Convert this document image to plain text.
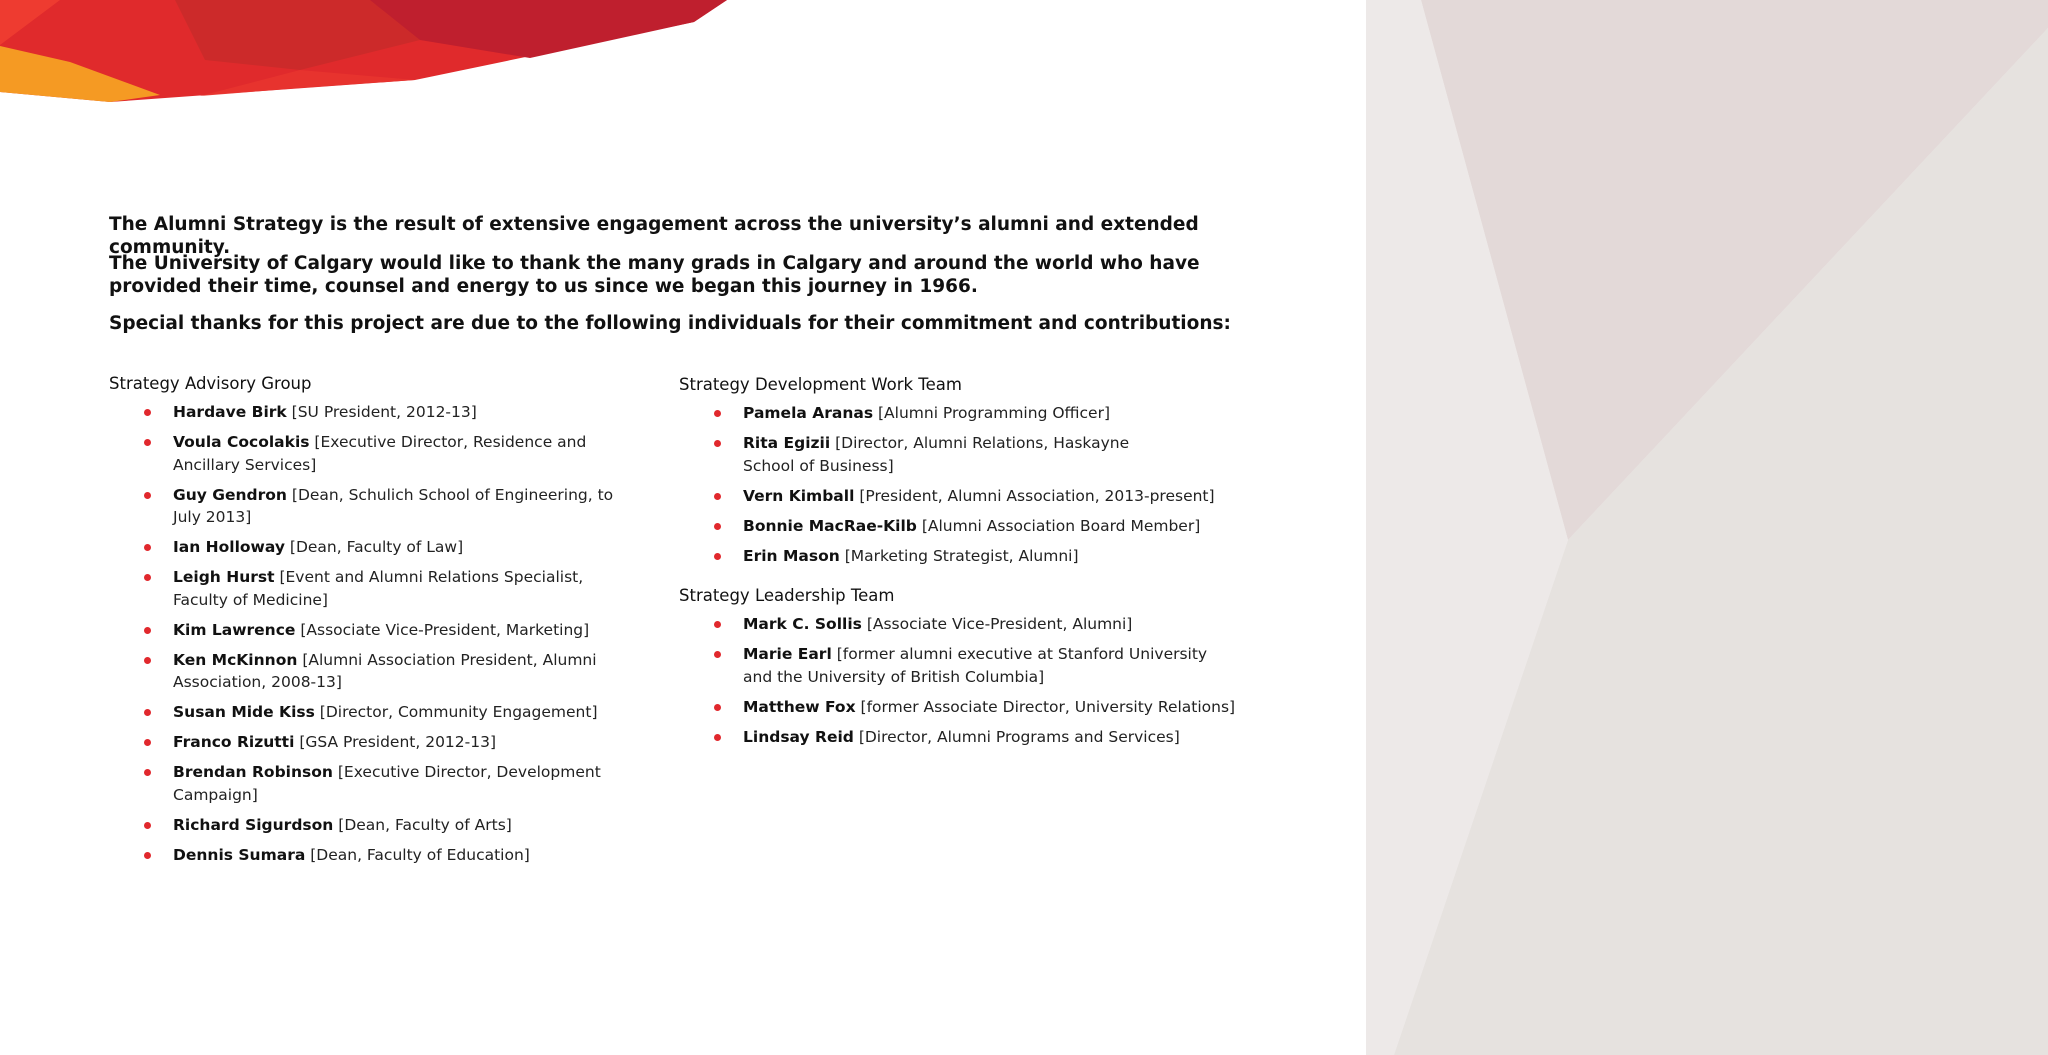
The Alumni Strategy is the result of extensive engagement across the university’s alumni and extended community.

The University of Calgary would like to thank the many grads in Calgary and around the world who have provided their time, counsel and energy to us since we began this journey in 1966.

Special thanks for this project are due to the following individuals for their commitment and contributions:

Strategy Advisory Group
Hardave Birk [SU President, 2012-13]
Voula Cocolakis [Executive Director, Residence and Ancillary Services]
Guy Gendron [Dean, Schulich School of Engineering, to July 2013]
Ian Holloway [Dean, Faculty of Law]
Leigh Hurst [Event and Alumni Relations Specialist, Faculty of Medicine]
Kim Lawrence [Associate Vice-President, Marketing]
Ken McKinnon [Alumni Association President, Alumni Association, 2008-13]
Susan Mide Kiss [Director, Community Engagement]
Franco Rizutti [GSA President, 2012-13]
Brendan Robinson [Executive Director, Development Campaign]
Richard Sigurdson [Dean, Faculty of Arts]
Dennis Sumara [Dean, Faculty of Education]
Strategy Development Work Team
Pamela Aranas [Alumni Programming Officer]
Rita Egizii [Director, Alumni Relations, Haskayne School of Business]
Vern Kimball [President, Alumni Association, 2013-present]
Bonnie MacRae-Kilb [Alumni Association Board Member]
Erin Mason [Marketing Strategist, Alumni]
Strategy Leadership Team
Mark C. Sollis [Associate Vice-President, Alumni]
Marie Earl [former alumni executive at Stanford University and the University of British Columbia]
Matthew Fox [former Associate Director, University Relations]
Lindsay Reid [Director, Alumni Programs and Services]
